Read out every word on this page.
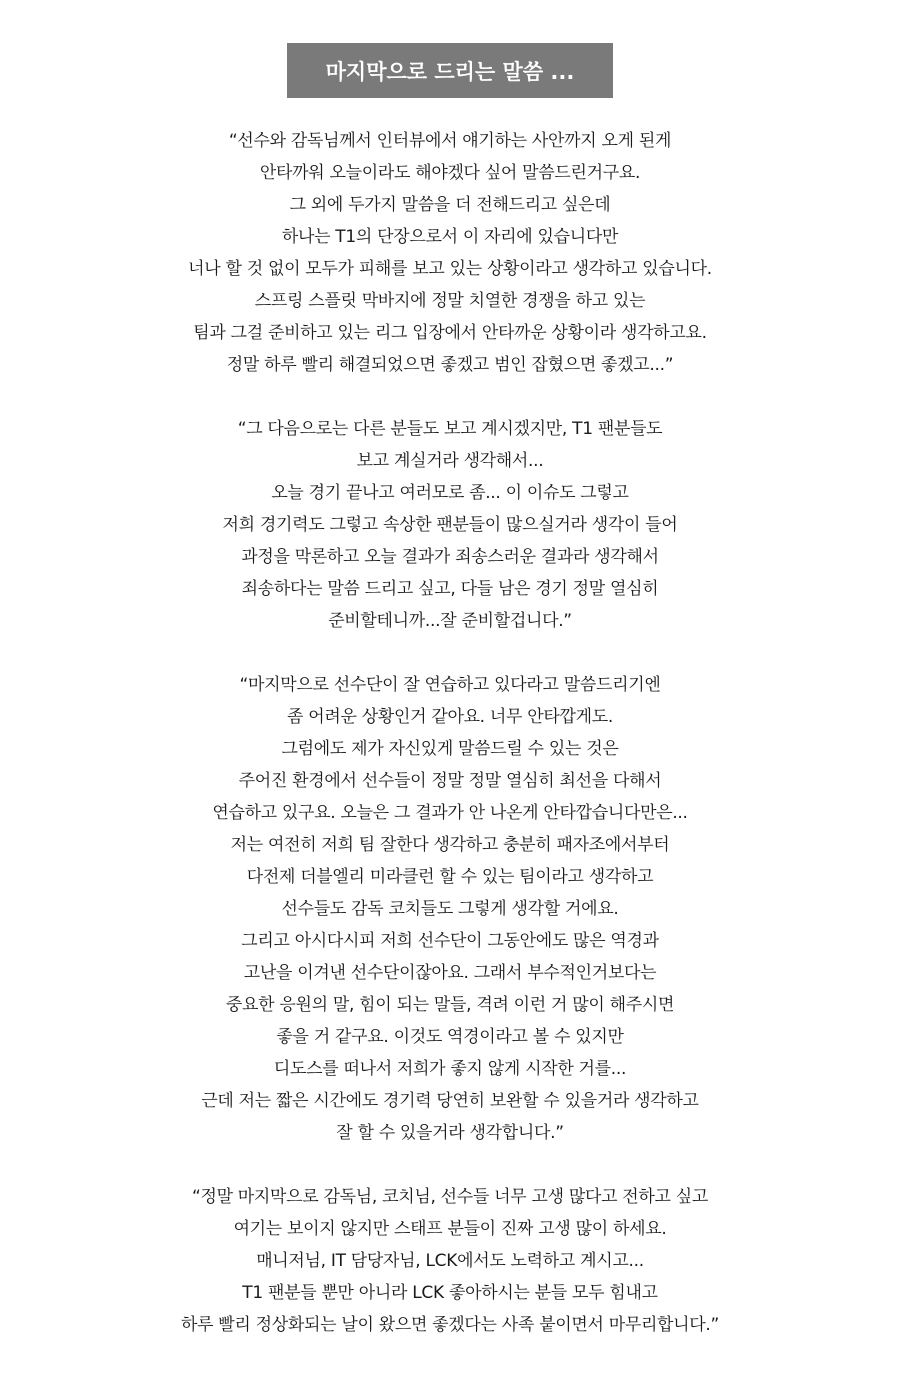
마지막으로 드리는 말씀 ...
“선수와 감독님께서 인터뷰에서 얘기하는 사안까지 오게 된게
안타까워 오늘이라도 해야겠다 싶어 말씀드린거구요.
그 외에 두가지 말씀을 더 전해드리고 싶은데
하나는 T1의 단장으로서 이 자리에 있습니다만
너나 할 것 없이 모두가 피해를 보고 있는 상황이라고 생각하고 있습니다.
스프링 스플릿 막바지에 정말 치열한 경쟁을 하고 있는
팀과 그걸 준비하고 있는 리그 입장에서 안타까운 상황이라 생각하고요.
정말 하루 빨리 해결되었으면 좋겠고 범인 잡혔으면 좋겠고...”
“그 다음으로는 다른 분들도 보고 계시겠지만, T1 팬분들도
보고 계실거라 생각해서...
오늘 경기 끝나고 여러모로 좀... 이 이슈도 그렇고
저희 경기력도 그렇고 속상한 팬분들이 많으실거라 생각이 들어
과정을 막론하고 오늘 결과가 죄송스러운 결과라 생각해서
죄송하다는 말씀 드리고 싶고, 다들 남은 경기 정말 열심히
준비할테니까...잘 준비할겁니다.”
“마지막으로 선수단이 잘 연습하고 있다라고 말씀드리기엔
좀 어려운 상황인거 같아요. 너무 안타깝게도.
그럼에도 제가 자신있게 말씀드릴 수 있는 것은
주어진 환경에서 선수들이 정말 정말 열심히 최선을 다해서
연습하고 있구요. 오늘은 그 결과가 안 나온게 안타깝습니다만은...
저는 여전히 저희 팀 잘한다 생각하고 충분히 패자조에서부터
다전제 더블엘리 미라클런 할 수 있는 팀이라고 생각하고
선수들도 감독 코치들도 그렇게 생각할 거에요.
그리고 아시다시피 저희 선수단이 그동안에도 많은 역경과
고난을 이겨낸 선수단이잖아요. 그래서 부수적인거보다는
중요한 응원의 말, 힘이 되는 말들, 격려 이런 거 많이 해주시면
좋을 거 같구요. 이것도 역경이라고 볼 수 있지만
디도스를 떠나서 저희가 좋지 않게 시작한 거를...
근데 저는 짧은 시간에도 경기력 당연히 보완할 수 있을거라 생각하고
잘 할 수 있을거라 생각합니다.”
“정말 마지막으로 감독님, 코치님, 선수들 너무 고생 많다고 전하고 싶고
여기는 보이지 않지만 스태프 분들이 진짜 고생 많이 하세요.
매니저님, IT 담당자님, LCK에서도 노력하고 계시고...
T1 팬분들 뿐만 아니라 LCK 좋아하시는 분들 모두 힘내고
하루 빨리 정상화되는 날이 왔으면 좋겠다는 사족 붙이면서 마무리합니다.”
